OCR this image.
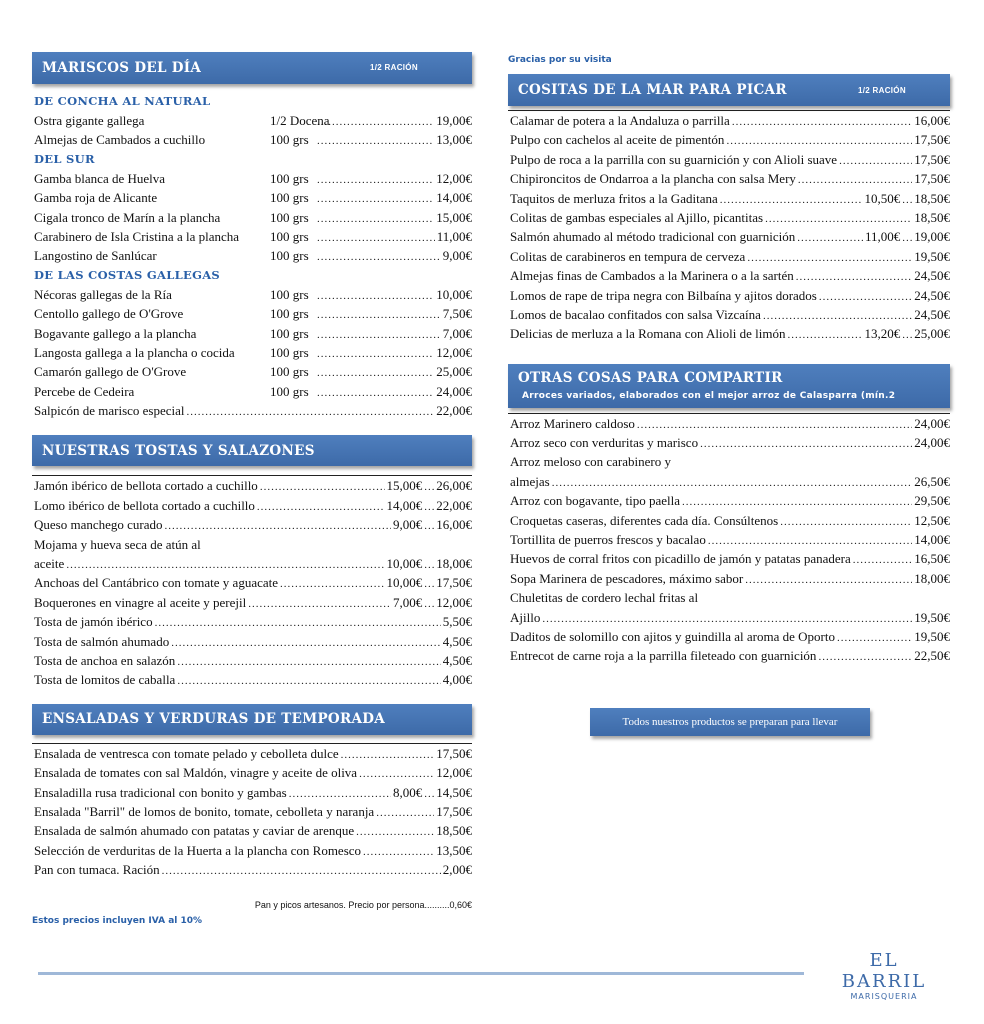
MARISCOS DEL DÍA	1/2 RACIÓN
DE CONCHA AL NATURAL
Ostra gigante gallega	1/2 Docena .....	19,00€
Almejas de Cambados a cuchillo	100 grs .....	13,00€
DEL SUR
Gamba blanca de Huelva	100 grs .....	12,00€
Gamba roja de Alicante	100 grs .....	14,00€
Cigala tronco de Marín a la plancha	100 grs .....	15,00€
Carabinero de Isla Cristina a la plancha	100 grs .....	11,00€
Langostino de Sanlúcar	100 grs .....	9,00€
DE LAS COSTAS GALLEGAS
Nécoras gallegas de la Ría	100 grs .....	10,00€
Centollo gallego de O'Grove	100 grs .....	7,50€
Bogavante gallego a la plancha	100 grs .....	7,00€
Langosta gallega a la plancha o cocida	100 grs .....	12,00€
Camarón gallego de O'Grove	100 grs .....	25,00€
Percebe de Cedeira	100 grs .....	24,00€
Salpicón de marisco especial .....	22,00€
NUESTRAS TOSTAS Y SALAZONES
Jamón ibérico de bellota cortado a cuchillo .....	15,00€ ..... 26,00€
Lomo ibérico de bellota cortado a cuchillo .....	14,00€ ..... 22,00€
Queso manchego curado .....	9,00€ ..... 16,00€
Mojama y hueva seca de atún al
aceite .....	10,00€ ..... 18,00€
Anchoas del Cantábrico con tomate y aguacate .....	10,00€ ..... 17,50€
Boquerones en vinagre al aceite y perejil .....	7,00€ ..... 12,00€
Tosta de jamón ibérico .....	5,50€
Tosta de salmón ahumado .....	4,50€
Tosta de anchoa en salazón .....	4,50€
Tosta de lomitos de caballa .....	4,00€
ENSALADAS Y VERDURAS DE TEMPORADA
Ensalada de ventresca con tomate pelado y cebolleta dulce .....	17,50€
Ensalada de tomates con sal Maldón, vinagre y aceite de oliva .....	12,00€
Ensaladilla rusa tradicional con bonito y gambas .....	8,00€ ..... 14,50€
Ensalada "Barril" de lomos de bonito, tomate, cebolleta y naranja .....	17,50€
Ensalada de salmón ahumado con patatas y caviar de arenque .....	18,50€
Selección de verduritas de la Huerta a la plancha con Romesco .....	13,50€
Pan con tumaca. Ración .....	2,00€
Pan y picos artesanos. Precio por persona..........0,60€
Estos precios incluyen IVA al 10%
Gracias por su visita
COSITAS DE LA MAR PARA PICAR	1/2 RACIÓN
Calamar de potera a la Andaluza o parrilla .....	16,00€
Pulpo con cachelos al aceite de pimentón .....	17,50€
Pulpo de roca a la parrilla con su guarnición y con Alioli suave .....	17,50€
Chipironcitos de Ondarroa a la plancha con salsa Mery .....	17,50€
Taquitos de merluza fritos a la Gaditana .....	10,50€ ..... 18,50€
Colitas de gambas especiales al Ajillo, picantitas .....	18,50€
Salmón ahumado al método tradicional con guarnición .....	11,00€ ..... 19,00€
Colitas de carabineros en tempura de cerveza .....	19,50€
Almejas finas de Cambados a la Marinera o a la sartén .....	24,50€
Lomos de rape de tripa negra con Bilbaína y ajitos dorados .....	24,50€
Lomos de bacalao confitados con salsa Vizcaína .....	24,50€
Delicias de merluza a la Romana con Alioli de limón .....	13,20€ ..... 25,00€
OTRAS COSAS PARA COMPARTIR
Arroces variados, elaborados con el mejor arroz de Calasparra (mín.2
Arroz Marinero caldoso .....	24,00€
Arroz seco con verduritas y marisco .....	24,00€
Arroz meloso con carabinero y
almejas .....	26,50€
Arroz con bogavante, tipo paella .....	29,50€
Croquetas caseras, diferentes cada día. Consúltenos .....	12,50€
Tortillita de puerros frescos y bacalao .....	14,00€
Huevos de corral fritos con picadillo de jamón y patatas panadera .....	16,50€
Sopa Marinera de pescadores, máximo sabor .....	18,00€
Chuletitas de cordero lechal fritas al
Ajillo .....	19,50€
Daditos de solomillo con ajitos y guindilla al aroma de Oporto .....	19,50€
Entrecot de carne roja a la parrilla fileteado con guarnición .....	22,50€
Todos nuestros productos se preparan para llevar
EL BARRIL
MARISQUERIA
